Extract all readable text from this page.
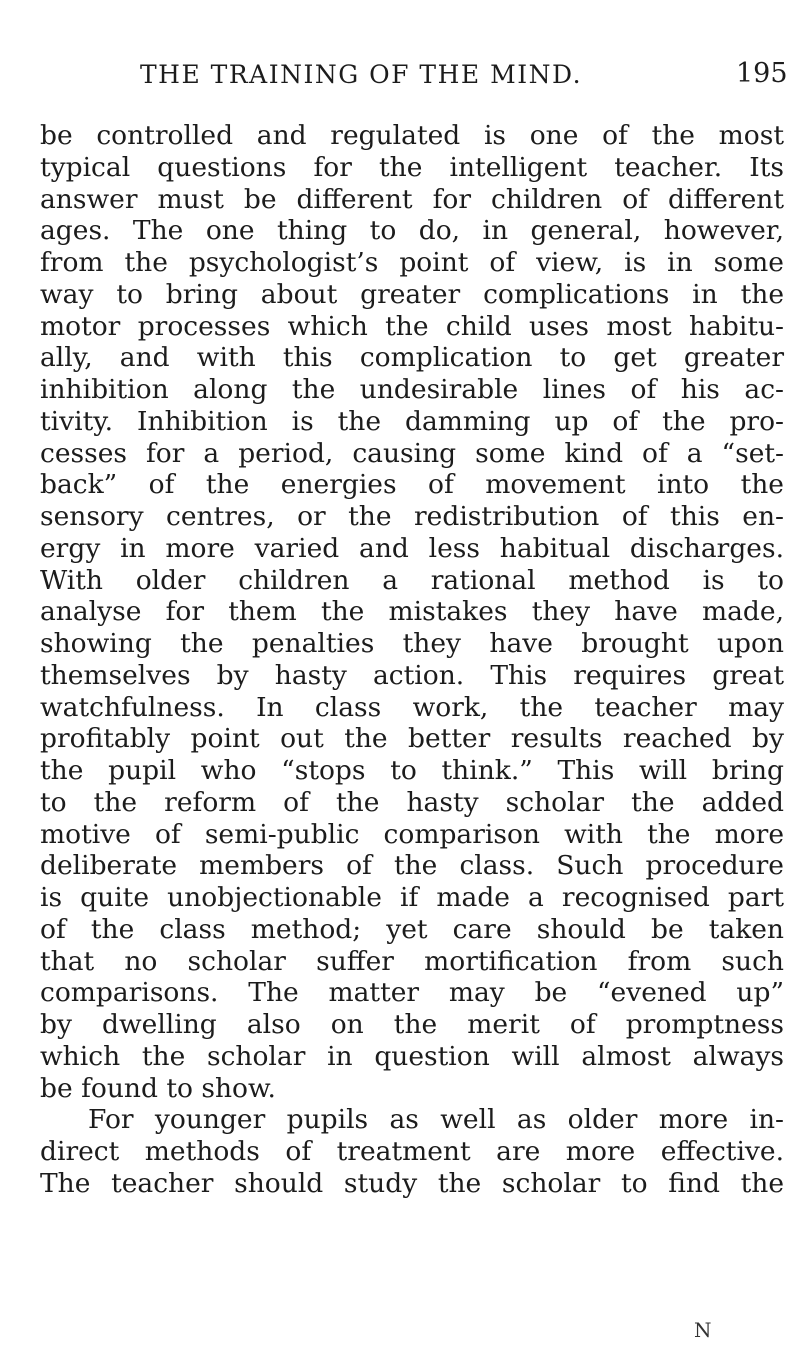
THE TRAINING OF THE MIND.	195
be controlled and regulated is one of the most
typical questions for the intelligent teacher. Its
answer must be different for children of different
ages. The one thing to do, in general, however,
from the psychologist’s point of view, is in some
way to bring about greater complications in the
motor processes which the child uses most habitu-
ally, and with this complication to get greater
inhibition along the undesirable lines of his ac-
tivity. Inhibition is the damming up of the pro-
cesses for a period, causing some kind of a “set-
back” of the energies of movement into the
sensory centres, or the redistribution of this en-
ergy in more varied and less habitual discharges.
With older children a rational method is to
analyse for them the mistakes they have made,
showing the penalties they have brought upon
themselves by hasty action. This requires great
watchfulness. In class work, the teacher may
profitably point out the better results reached by
the pupil who “stops to think.” This will bring
to the reform of the hasty scholar the added
motive of semi-public comparison with the more
deliberate members of the class. Such procedure
is quite unobjectionable if made a recognised part
of the class method; yet care should be taken
that no scholar suffer mortification from such
comparisons. The matter may be “evened up”
by dwelling also on the merit of promptness
which the scholar in question will almost always
be found to show.
For younger pupils as well as older more in-
direct methods of treatment are more effective.
The teacher should study the scholar to find the
N
